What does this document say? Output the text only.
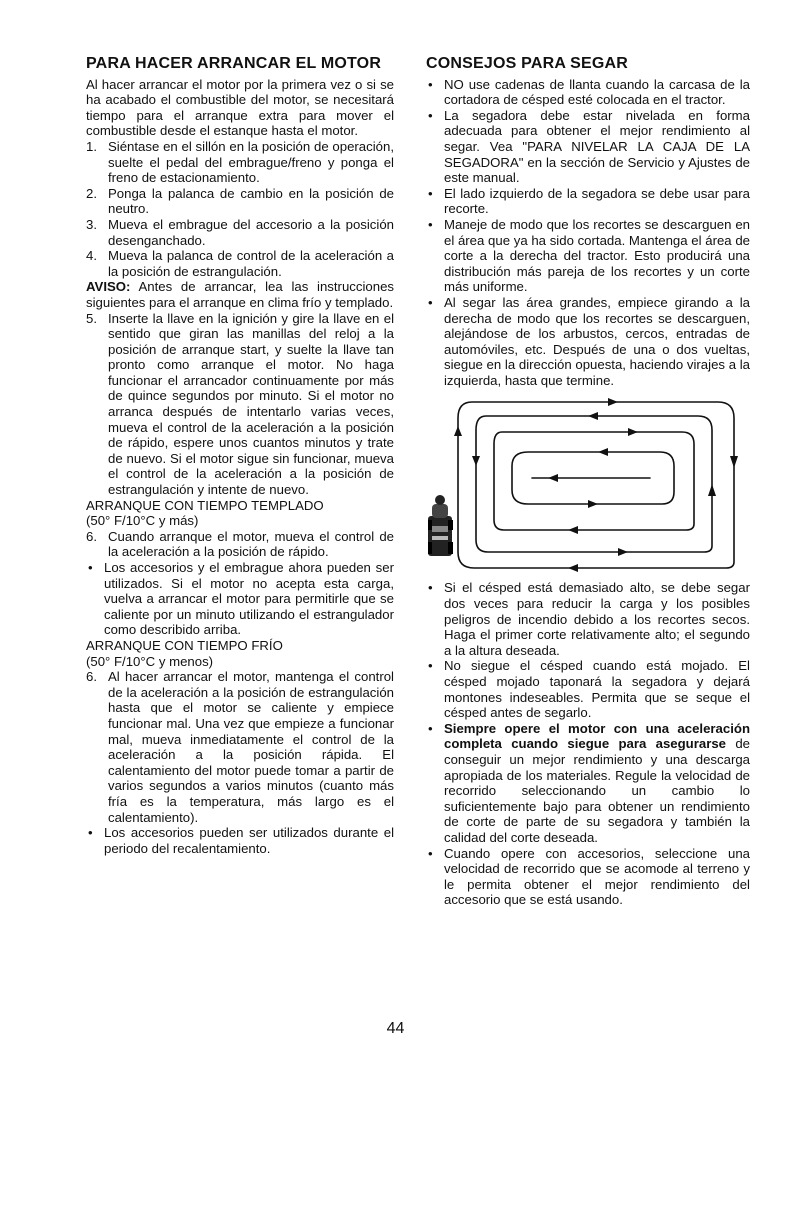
PARA HACER ARRANCAR EL MOTOR

Al hacer arrancar el motor por la primera vez o si se ha acabado el combustible del motor, se necesitará tiempo para el arranque extra para mover el combustible desde el estanque hasta el motor.

1. Siéntase en el sillón en la posición de operación, suelte el pedal del embrague/freno y ponga el freno de estacionamiento.
2. Ponga la palanca de cambio en la posición de neutro.
3. Mueva el embrague del accesorio a la posición desenganchado.
4. Mueva la palanca de control de la aceleración a la posición de estrangulación.

AVISO: Antes de arrancar, lea las instrucciones siguientes para el arranque en clima frío y templado.

5. Inserte la llave en la ignición y gire la llave en el sentido que giran las manillas del reloj a la posición de arranque start, y suelte la llave tan pronto como arranque el motor. No haga funcionar el arrancador continuamente por más de quince segundos por minuto. Si el motor no arranca después de intentarlo varias veces, mueva el control de la aceleración a la posición de rápido, espere unos cuantos minutos y trate de nuevo. Si el motor sigue sin funcionar, mueva el control de la aceleración a la posición de estrangulación y intente de nuevo.

ARRANQUE CON TIEMPO TEMPLADO

(50° F/10°C y más)

6. Cuando arranque el motor, mueva el control de la aceleración a la posición de rápido.
• Los accesorios y el embrague ahora pueden ser utilizados. Si el motor no acepta esta carga, vuelva a arrancar el motor para permitirle que se caliente por un minuto utilizando el estrangulador como describido arriba.

ARRANQUE CON TIEMPO FRÍO

(50° F/10°C y menos)

6. Al hacer arrancar el motor, mantenga el control de la aceleración a la posición de estrangulación hasta que el motor se caliente y empiece funcionar mal. Una vez que empieze a funcionar mal, mueva inmediatamente el control de la aceleración a la posición rápida. El calentamiento del motor puede tomar a partir de varios segundos a varios minutos (cuanto más fría es la temperatura, más largo es el calentamiento).
• Los accesorios pueden ser utilizados durante el periodo del recalentamiento.
CONSEJOS PARA SEGAR
• NO use cadenas de llanta cuando la carcasa de la cortadora de césped esté colocada en el tractor.
• La segadora debe estar nivelada en forma adecuada para obtener el mejor rendimiento al segar. Vea "PARA NIVELAR LA CAJA DE LA SEGADORA" en la sección de Servicio y Ajustes de este manual.
• El lado izquierdo de la segadora se debe usar para recorte.
• Maneje de modo que los recortes se descarguen en el área que ya ha sido cortada. Mantenga el área de corte a la derecha del tractor. Esto producirá una distribución más pareja de los recortes y un corte más uniforme.
• Al segar las área grandes, empiece girando a la derecha de modo que los recortes se descarguen, alejándose de los arbustos, cercos, entradas de automóviles, etc. Después de una o dos vueltas, siegue en la dirección opuesta, haciendo virajes a la izquierda, hasta que termine.
• Si el césped está demasiado alto, se debe segar dos veces para reducir la carga y los posibles peligros de incendio debido a los recortes secos. Haga el primer corte relativamente alto; el segundo a la altura deseada.
• No siegue el césped cuando está mojado. El césped mojado taponará la segadora y dejará montones indeseables. Permita que se seque el césped antes de segarlo.
• Siempre opere el motor con una aceleración completa cuando siegue para asegurarse de conseguir un mejor rendimiento y una descarga apropiada de los materiales. Regule la velocidad de recorrido seleccionando un cambio lo suficientemente bajo para obtener un rendimiento de corte de parte de su segadora y también la calidad del corte deseada.
• Cuando opere con accesorios, seleccione una velocidad de recorrido que se acomode al terreno y le permita obtener el mejor rendimiento del accesorio que se está usando.
44
